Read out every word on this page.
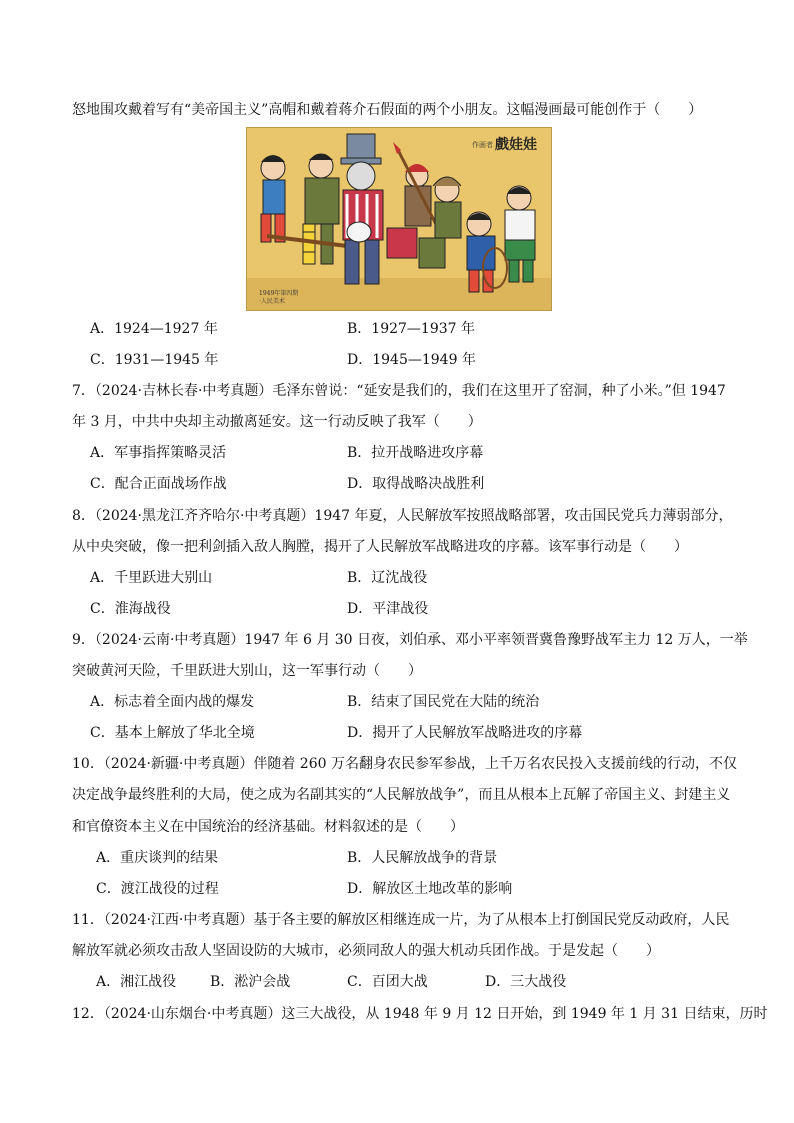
怒地围攻戴着写有“美帝国主义”高帽和戴着蒋介石假面的两个小朋友。这幅漫画最可能创作于（　　）
戲娃娃
作画者
1949年第四期·人民美术
A．1924—1927 年	B．1927—1937 年
C．1931—1945 年	D．1945—1949 年
7．（2024·吉林长春·中考真题）毛泽东曾说：“延安是我们的，我们在这里开了窑洞，种了小米。”但 1947
年 3 月，中共中央却主动撤离延安。这一行动反映了我军（　　）
A．军事指挥策略灵活	B．拉开战略进攻序幕
C．配合正面战场作战	D．取得战略决战胜利
8．（2024·黑龙江齐齐哈尔·中考真题）1947 年夏，人民解放军按照战略部署，攻击国民党兵力薄弱部分，
从中央突破，像一把利剑插入敌人胸膛，揭开了人民解放军战略进攻的序幕。该军事行动是（　　）
A．千里跃进大别山	B．辽沈战役
C．淮海战役	D．平津战役
9．（2024·云南·中考真题）1947 年 6 月 30 日夜，刘伯承、邓小平率领晋冀鲁豫野战军主力 12 万人，一举
突破黄河天险，千里跃进大别山，这一军事行动（　　）
A．标志着全面内战的爆发	B．结束了国民党在大陆的统治
C．基本上解放了华北全境	D．揭开了人民解放军战略进攻的序幕
10．（2024·新疆·中考真题）伴随着 260 万名翻身农民参军参战，上千万名农民投入支援前线的行动，不仅
决定战争最终胜利的大局，使之成为名副其实的“人民解放战争”，而且从根本上瓦解了帝国主义、封建主义
和官僚资本主义在中国统治的经济基础。材料叙述的是（　　）
A．重庆谈判的结果	B．人民解放战争的背景
C．渡江战役的过程	D．解放区土地改革的影响
11．（2024·江西·中考真题）基于各主要的解放区相继连成一片，为了从根本上打倒国民党反动政府，人民
解放军就必须攻击敌人坚固设防的大城市，必须同敌人的强大机动兵团作战。于是发起（　　）
A．湘江战役 B．淞沪会战	C．百团大战	D．三大战役
12．（2024·山东烟台·中考真题）这三大战役，从 1948 年 9 月 12 日开始，到 1949 年 1 月 31 日结束，历时
